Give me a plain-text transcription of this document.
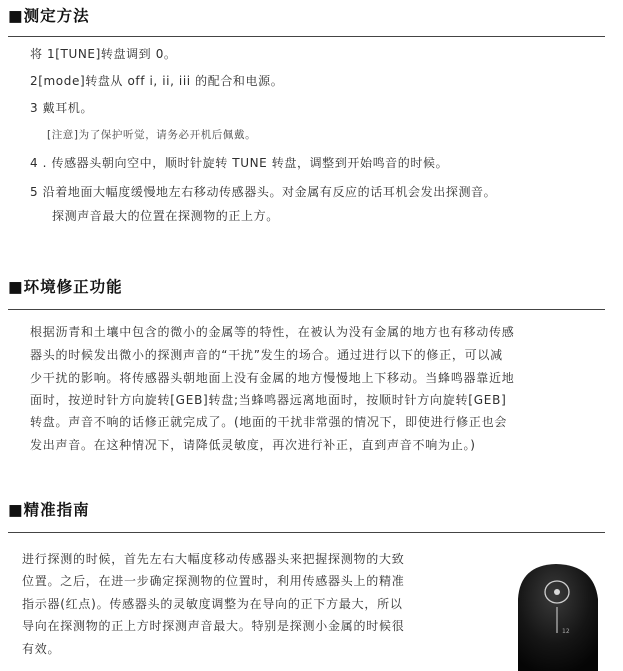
■测定方法
将 1[TUNE]转盘调到 0。
2[mode]转盘从 off i, ii, iii 的配合和电源。
3 戴耳机。
[注意]为了保护听觉，请务必开机后佩戴。
4 . 传感器头朝向空中，顺时针旋转 TUNE 转盘，调整到开始鸣音的时候。
5 沿着地面大幅度缓慢地左右移动传感器头。对金属有反应的话耳机会发出探测音。
探测声音最大的位置在探测物的正上方。
■环境修正功能
根据沥青和土壤中包含的微小的金属等的特性，在被认为没有金属的地方也有移动传感
器头的时候发出微小的探测声音的“干扰”发生的场合。通过进行以下的修正，可以减
少干扰的影响。将传感器头朝地面上没有金属的地方慢慢地上下移动。当蜂鸣器靠近地
面时，按逆时针方向旋转[GEB]转盘;当蜂鸣器远离地面时，按顺时针方向旋转[GEB]
转盘。声音不响的话修正就完成了。(地面的干扰非常强的情况下，即使进行修正也会
发出声音。在这种情况下，请降低灵敏度，再次进行补正，直到声音不响为止。)
■精准指南
进行探测的时候，首先左右大幅度移动传感器头来把握探测物的大致
位置。之后，在进一步确定探测物的位置时，利用传感器头上的精准
指示器(红点)。传感器头的灵敏度调整为在导向的正下方最大，所以
导向在探测物的正上方时探测声音最大。特别是探测小金属的时候很
有效。
12
